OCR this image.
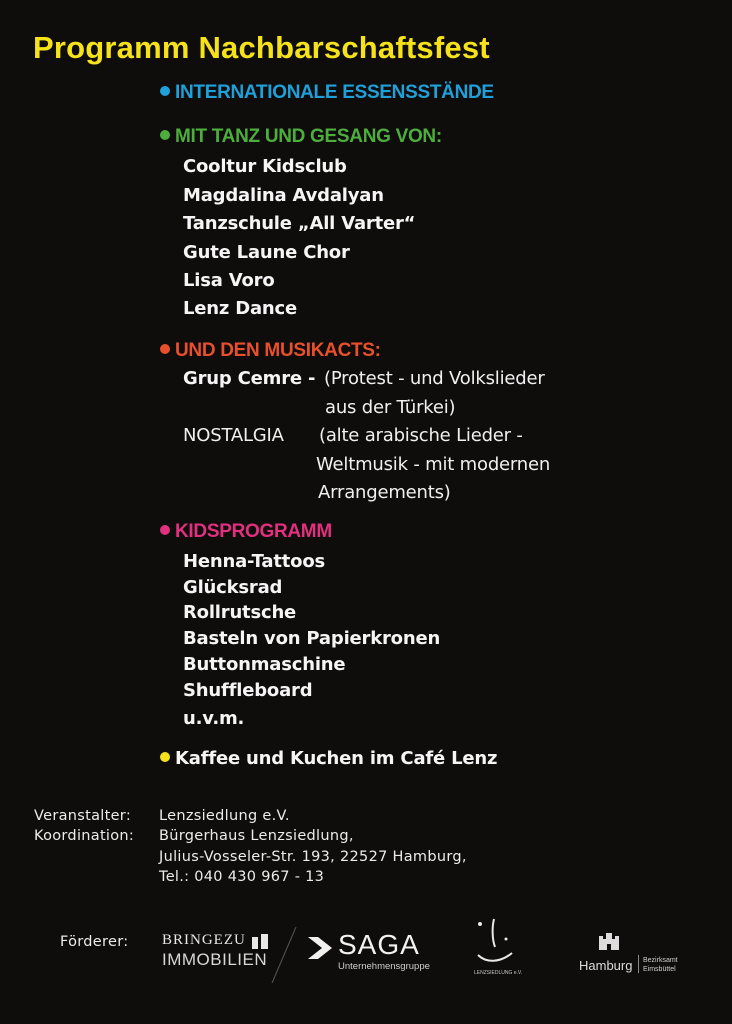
Programm Nachbarschaftsfest
INTERNATIONALE ESSENSSTÄNDE
MIT TANZ UND GESANG VON:
Cooltur Kidsclub
Magdalina Avdalyan
Tanzschule „All Varter“
Gute Laune Chor
Lisa Voro
Lenz Dance
UND DEN MUSIKACTS:
Grup Cemre - (Protest - und Volkslieder
aus der Türkei)
NOSTALGIA (alte arabische Lieder -
Weltmusik - mit modernen
Arrangements)
KIDSPROGRAMM
Henna-Tattoos
Glücksrad
Rollrutsche
Basteln von Papierkronen
Buttonmaschine
Shuffleboard
u.v.m.
Kaffee und Kuchen im Café Lenz
Veranstalter: Lenzsiedlung e.V.
Koordination: Bürgerhaus Lenzsiedlung,
Julius-Vosseler-Str. 193, 22527 Hamburg,
Tel.: 040 430 967 - 13
Förderer: BRINGEZU
IMMOBILIEN	SAGA
Unternehmensgruppe
LENZSIEDLUNG e.V.	Hamburg Bezirksamt
Eimsbüttel
